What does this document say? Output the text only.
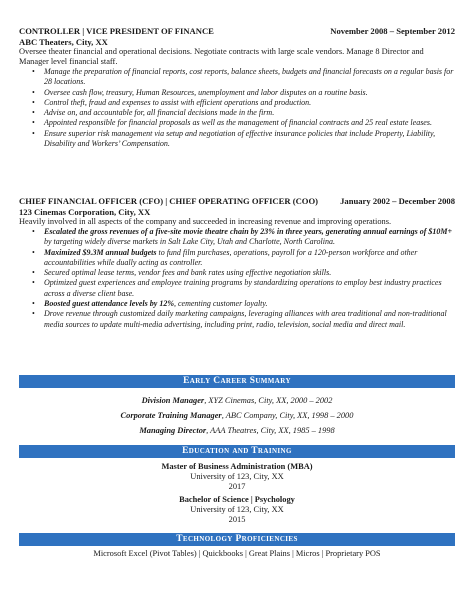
CONTROLLER | VICE PRESIDENT OF FINANCE	November 2008 – September 2012
ABC Theaters, City, XX

Oversee theater financial and operational decisions. Negotiate contracts with large scale vendors. Manage 8 Director and Manager level financial staff.

• Manage the preparation of financial reports, cost reports, balance sheets, budgets and financial forecasts on a regular basis for 28 locations.
• Oversee cash flow, treasury, Human Resources, unemployment and labor disputes on a routine basis.
• Control theft, fraud and expenses to assist with efficient operations and production.
• Advise on, and accountable for, all financial decisions made in the firm.
• Appointed responsible for financial proposals as well as the management of financial contracts and 25 real estate leases.
• Ensure superior risk management via setup and negotiation of effective insurance policies that include Property, Liability, Disability and Workers’ Compensation.
CHIEF FINANCIAL OFFICER (CFO) | CHIEF OPERATING OFFICER (COO)	January 2002 – December 2008
123 Cinemas Corporation, City, XX

Heavily involved in all aspects of the company and succeeded in increasing revenue and improving operations.

• Escalated the gross revenues of a five-site movie theatre chain by 23% in three years, generating annual earnings of $10M+ by targeting widely diverse markets in Salt Lake City, Utah and Charlotte, North Carolina.
• Maximized $9.3M annual budgets to fund film purchases, operations, payroll for a 120-person workforce and other accountabilities while dually acting as controller.
• Secured optimal lease terms, vendor fees and bank rates using effective negotiation skills.
• Optimized guest experiences and employee training programs by standardizing operations to employ best industry practices across a diverse client base.
• Boosted guest attendance levels by 12%, cementing customer loyalty.
• Drove revenue through customized daily marketing campaigns, leveraging alliances with area traditional and non-traditional media sources to update multi-media advertising, including print, radio, television, social media and direct mail.
Early Career Summary
Division Manager, XYZ Cinemas, City, XX, 2000 – 2002
Corporate Training Manager, ABC Company, City, XX, 1998 – 2000
Managing Director, AAA Theatres, City, XX, 1985 – 1998
Education and Training
Master of Business Administration (MBA)
University of 123, City, XX
2017
Bachelor of Science | Psychology
University of 123, City, XX
2015
Technology Proficiencies
Microsoft Excel (Pivot Tables) | Quickbooks | Great Plains | Micros | Proprietary POS
